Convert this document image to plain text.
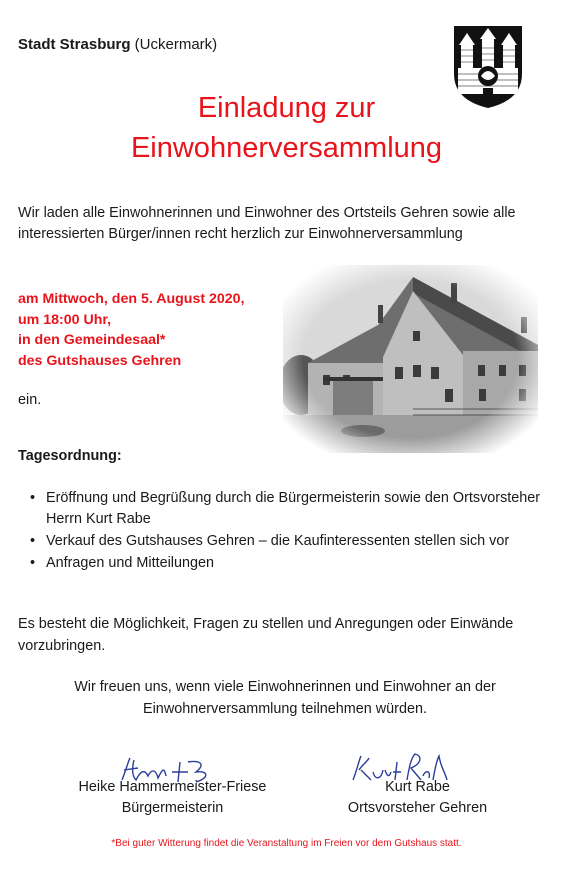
Stadt Strasburg (Uckermark)
Einladung zur
Einwohnerversammlung
Wir laden alle Einwohnerinnen und Einwohner des Ortsteils Gehren sowie alle interessierten Bürger/innen recht herzlich zur Einwohnerversammlung
am Mittwoch, den 5. August 2020,
um 18:00 Uhr,
in den Gemeindesaal*
des Gutshauses Gehren
ein.
Tagesordnung:
• Eröffnung und Begrüßung durch die Bürgermeisterin sowie den Ortsvorsteher Herrn Kurt Rabe
• Verkauf des Gutshauses Gehren – die Kaufinteressenten stellen sich vor
• Anfragen und Mitteilungen
Es besteht die Möglichkeit, Fragen zu stellen und Anregungen oder Einwände vorzubringen.
Wir freuen uns, wenn viele Einwohnerinnen und Einwohner an der Einwohnerversammlung teilnehmen würden.
Heike Hammermeister-Friese
Bürgermeisterin
Kurt Rabe
Ortsvorsteher Gehren
*Bei guter Witterung findet die Veranstaltung im Freien vor dem Gutshaus statt.
